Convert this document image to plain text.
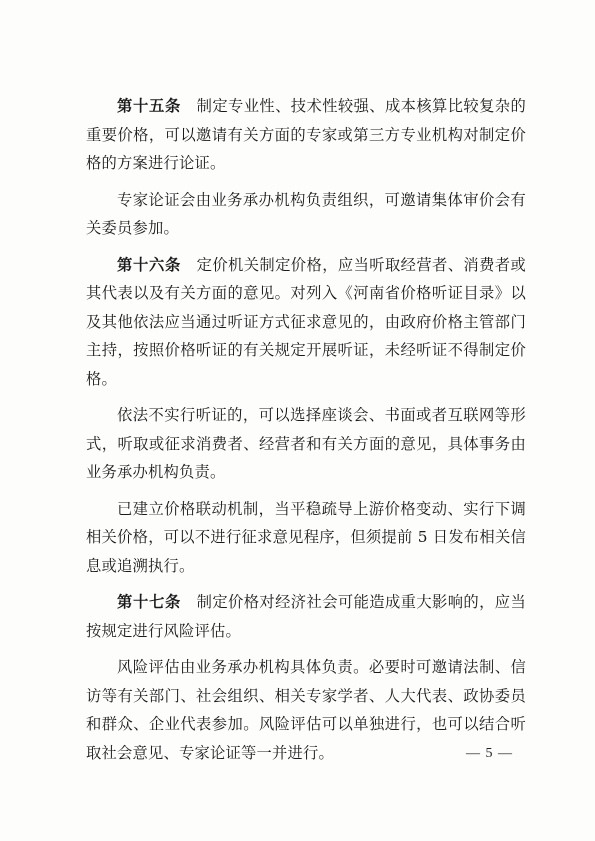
第十五条　制定专业性、技术性较强、成本核算比较复杂的重要价格，可以邀请有关方面的专家或第三方专业机构对制定价格的方案进行论证。

专家论证会由业务承办机构负责组织，可邀请集体审价会有关委员参加。

第十六条　定价机关制定价格，应当听取经营者、消费者或其代表以及有关方面的意见。对列入《河南省价格听证目录》以及其他依法应当通过听证方式征求意见的，由政府价格主管部门主持，按照价格听证的有关规定开展听证，未经听证不得制定价格。

依法不实行听证的，可以选择座谈会、书面或者互联网等形式，听取或征求消费者、经营者和有关方面的意见，具体事务由业务承办机构负责。

已建立价格联动机制，当平稳疏导上游价格变动、实行下调相关价格，可以不进行征求意见程序，但须提前 5 日发布相关信息或追溯执行。

第十七条　制定价格对经济社会可能造成重大影响的，应当按规定进行风险评估。

风险评估由业务承办机构具体负责。必要时可邀请法制、信访等有关部门、社会组织、相关专家学者、人大代表、政协委员和群众、企业代表参加。风险评估可以单独进行，也可以结合听取社会意见、专家论证等一并进行。	— 5 —
